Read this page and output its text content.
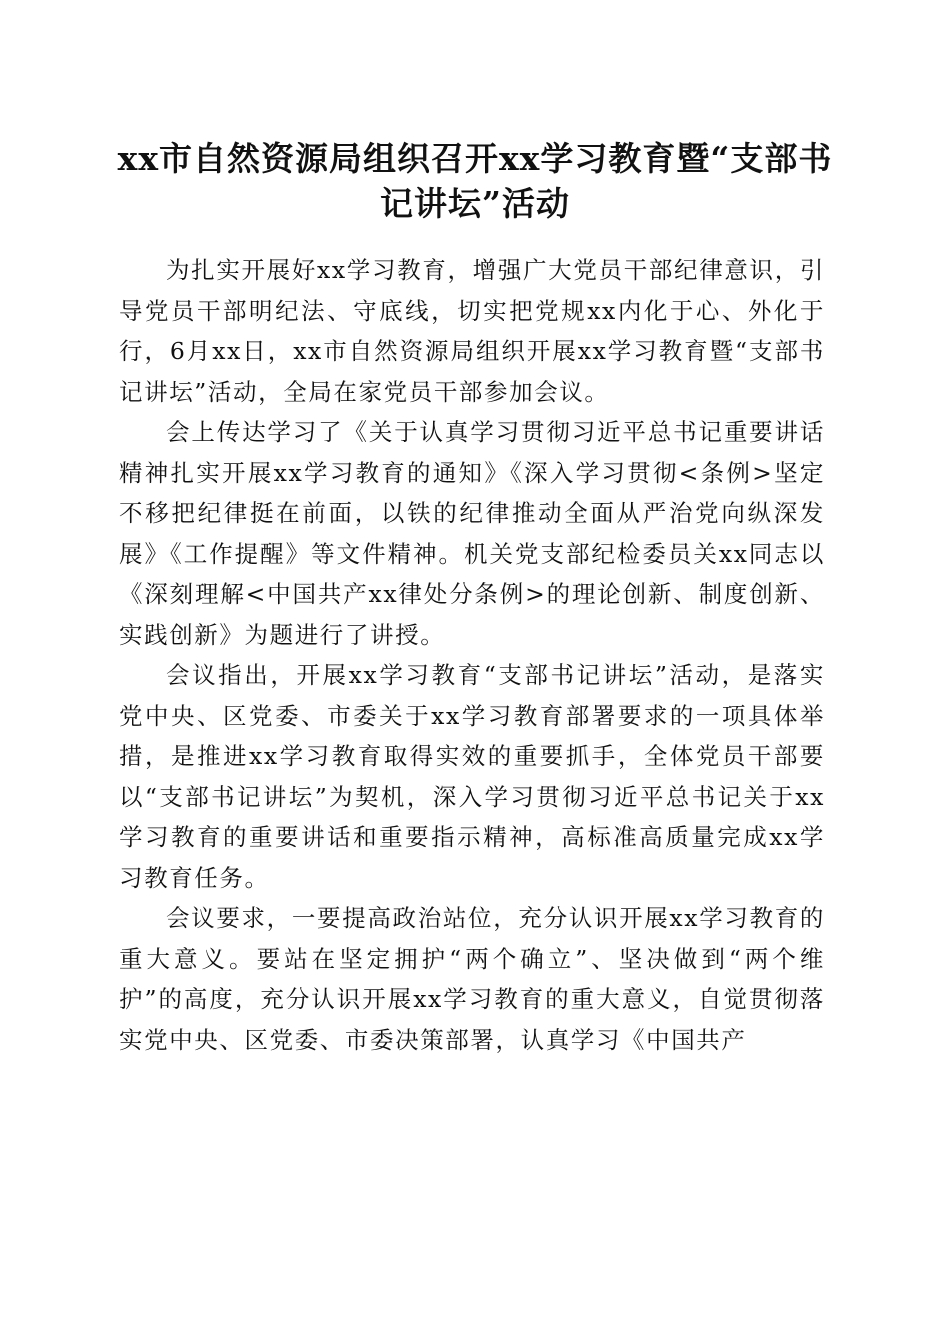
xx市自然资源局组织召开xx学习教育暨“支部书记讲坛”活动

为扎实开展好xx学习教育，增强广大党员干部纪律意识，引导党员干部明纪法、守底线，切实把党规xx内化于心、外化于行，6月xx日，xx市自然资源局组织开展xx学习教育暨“支部书记讲坛”活动，全局在家党员干部参加会议。

会上传达学习了《关于认真学习贯彻习近平总书记重要讲话精神扎实开展xx学习教育的通知》《深入学习贯彻<条例>坚定不移把纪律挺在前面，以铁的纪律推动全面从严治党向纵深发展》《工作提醒》等文件精神。机关党支部纪检委员关xx同志以《深刻理解<中国共产xx律处分条例>的理论创新、制度创新、实践创新》为题进行了讲授。

会议指出，开展xx学习教育“支部书记讲坛”活动，是落实党中央、区党委、市委关于xx学习教育部署要求的一项具体举措，是推进xx学习教育取得实效的重要抓手，全体党员干部要以“支部书记讲坛”为契机，深入学习贯彻习近平总书记关于xx学习教育的重要讲话和重要指示精神，高标准高质量完成xx学习教育任务。

会议要求，一要提高政治站位，充分认识开展xx学习教育的重大意义。要站在坚定拥护“两个确立”、坚决做到“两个维护”的高度，充分认识开展xx学习教育的重大意义，自觉贯彻落实党中央、区党委、市委决策部署，认真学习《中国共产
